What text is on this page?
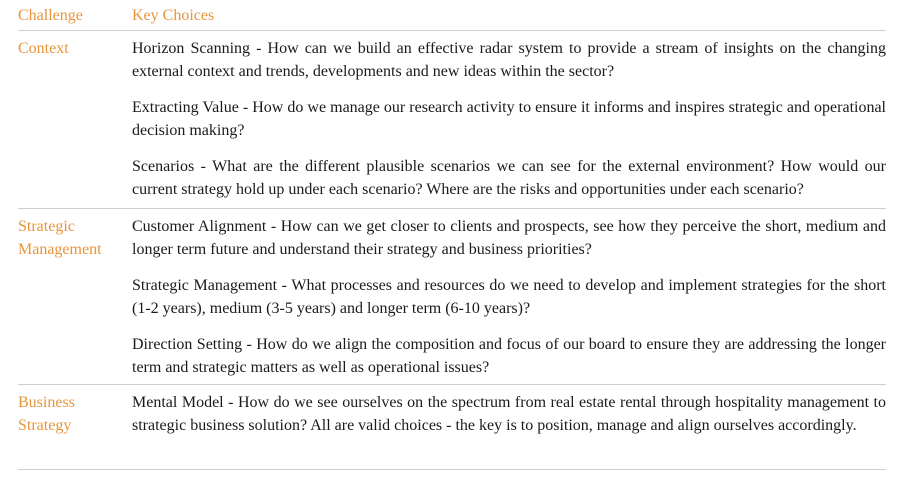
Challenge	Key Choices
Context	Horizon Scanning - How can we build an effective radar system to provide a stream of insights on the changing external context and trends, developments and new ideas within the sector?

Extracting Value - How do we manage our research activity to ensure it informs and inspires strategic and operational decision making?

Scenarios - What are the different plausible scenarios we can see for the external environment? How would our current strategy hold up under each scenario? Where are the risks and opportunities under each scenario?

Strategic Management

Customer Alignment - How can we get closer to clients and prospects, see how they perceive the short, medium and longer term future and understand their strategy and business priorities?

Strategic Management - What processes and resources do we need to develop and implement strategies for the short (1-2 years), medium (3-5 years) and longer term (6-10 years)?

Direction Setting - How do we align the composition and focus of our board to ensure they are addressing the longer term and strategic matters as well as operational issues?

Business Strategy

Mental Model - How do we see ourselves on the spectrum from real estate rental through hospitality management to strategic business solution? All are valid choices - the key is to position, manage and align ourselves accordingly.
